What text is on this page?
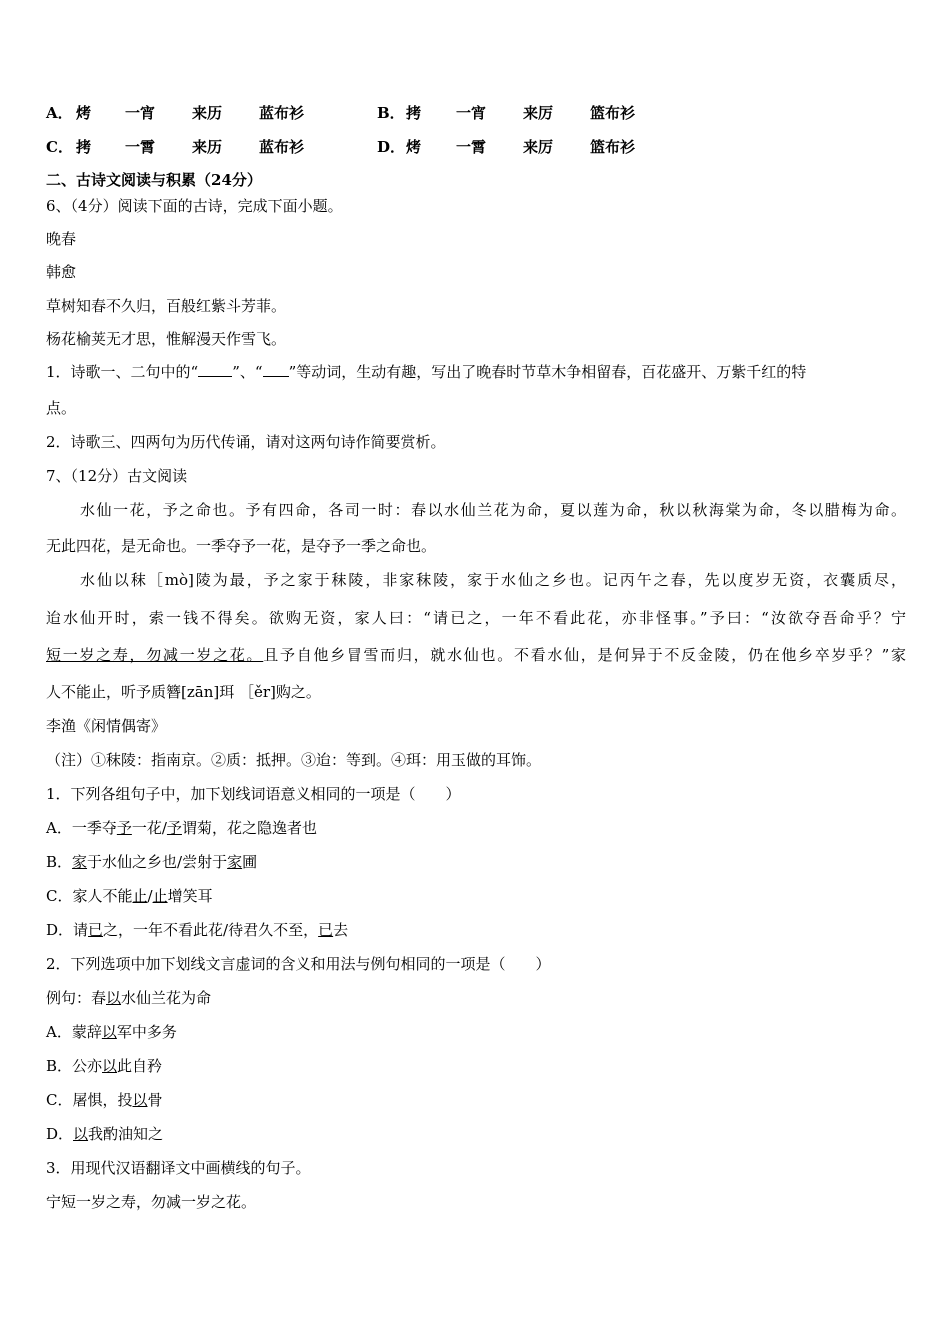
A． 烤 一宵 来历 蓝布衫	B． 拷 一宵 来厉 篮布衫
C． 拷 一霄 来历 蓝布衫	D． 烤 一霄 来厉 篮布衫
二、古诗文阅读与积累（24分）
6、（4分）阅读下面的古诗，完成下面小题。
晚春
韩愈
草树知春不久归，百般红紫斗芳菲。
杨花榆荚无才思，惟解漫天作雪飞。
1．诗歌一、二句中的“ ”、“ ”等动词，生动有趣，写出了晚春时节草木争相留春，百花盛开、万紫千红的特
点。
2．诗歌三、四两句为历代传诵，请对这两句诗作简要赏析。
7、（12分）古文阅读
水仙一花，予之命也。予有四命，各司一时：春以水仙兰花为命，夏以莲为命，秋以秋海棠为命，冬以腊梅为命。
无此四花，是无命也。一季夺予一花，是夺予一季之命也。
水仙以秣［mò]陵为最，予之家于秣陵，非家秣陵，家于水仙之乡也。记丙午之春，先以度岁无资，衣囊质尽，
迨水仙开时，索一钱不得矣。欲购无资，家人曰：“请已之，一年不看此花，亦非怪事。”予曰：“汝欲夺吾命乎？宁
短一岁之寿，勿减一岁之花。且予自他乡冒雪而归，就水仙也。不看水仙，是何异于不反金陵，仍在他乡卒岁乎？”家
人不能止，听予质簪[zān]珥 ［ěr]购之。
李渔《闲情偶寄》
（注）①秣陵：指南京。②质：抵押。③迨：等到。④珥：用玉做的耳饰。
1．下列各组句子中，加下划线词语意义相同的一项是（　　）
A．一季夺予一花/予谓菊，花之隐逸者也
B．家于水仙之乡也/尝射于家圃
C．家人不能止/止增笑耳
D．请已之，一年不看此花/待君久不至，已去
2．下列选项中加下划线文言虚词的含义和用法与例句相同的一项是（　　）
例句：春以水仙兰花为命
A．蒙辞以军中多务
B．公亦以此自矜
C．屠惧，投以骨
D．以我酌油知之
3．用现代汉语翻译文中画横线的句子。
宁短一岁之寿，勿减一岁之花。
